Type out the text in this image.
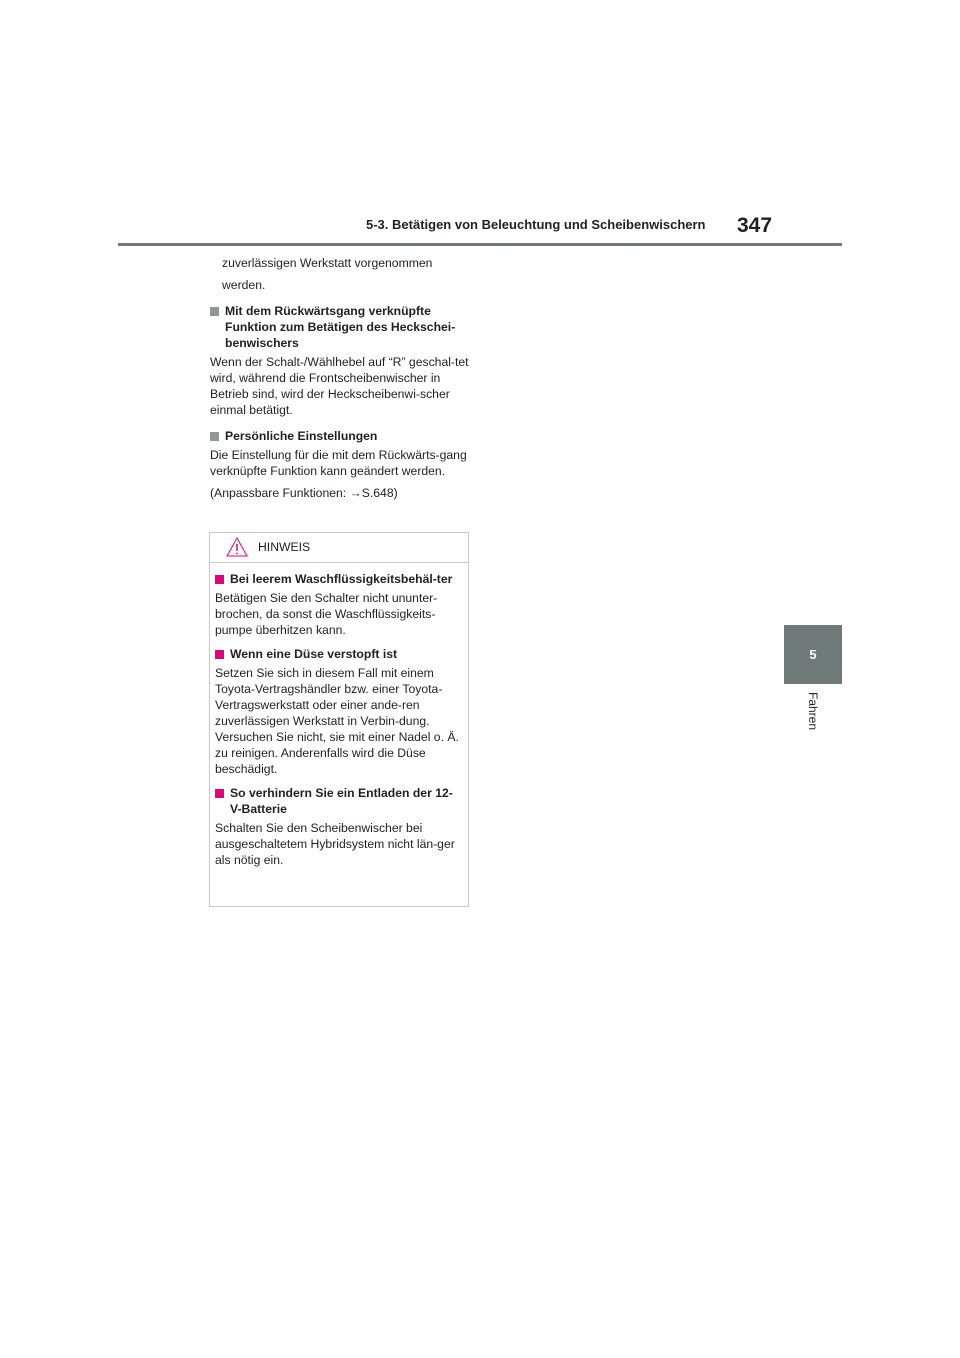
5-3. Betätigen von Beleuchtung und Scheibenwischern 347
5
Fahren

zuverlässigen Werkstatt vorgenommen

werden.

Mit dem Rückwärtsgang verknüpfte Funktion zum Betätigen des Heckschei-benwischers

Wenn der Schalt-/Wählhebel auf “R” geschal-tet wird, während die Frontscheibenwischer in Betrieb sind, wird der Heckscheibenwi-scher einmal betätigt.

Persönliche Einstellungen

Die Einstellung für die mit dem Rückwärts-gang verknüpfte Funktion kann geändert werden.

(Anpassbare Funktionen: →S.648)

HINWEIS
Bei leerem Waschflüssigkeitsbehäl-ter

Betätigen Sie den Schalter nicht ununter-brochen, da sonst die Waschflüssigkeits-pumpe überhitzen kann.

Wenn eine Düse verstopft ist

Setzen Sie sich in diesem Fall mit einem Toyota-Vertragshändler bzw. einer Toyota-Vertragswerkstatt oder einer ande-ren zuverlässigen Werkstatt in Verbin-dung.

Versuchen Sie nicht, sie mit einer Nadel o. Ä. zu reinigen. Anderenfalls wird die Düse beschädigt.

So verhindern Sie ein Entladen der 12-V-Batterie

Schalten Sie den Scheibenwischer bei ausgeschaltetem Hybridsystem nicht län-ger als nötig ein.
